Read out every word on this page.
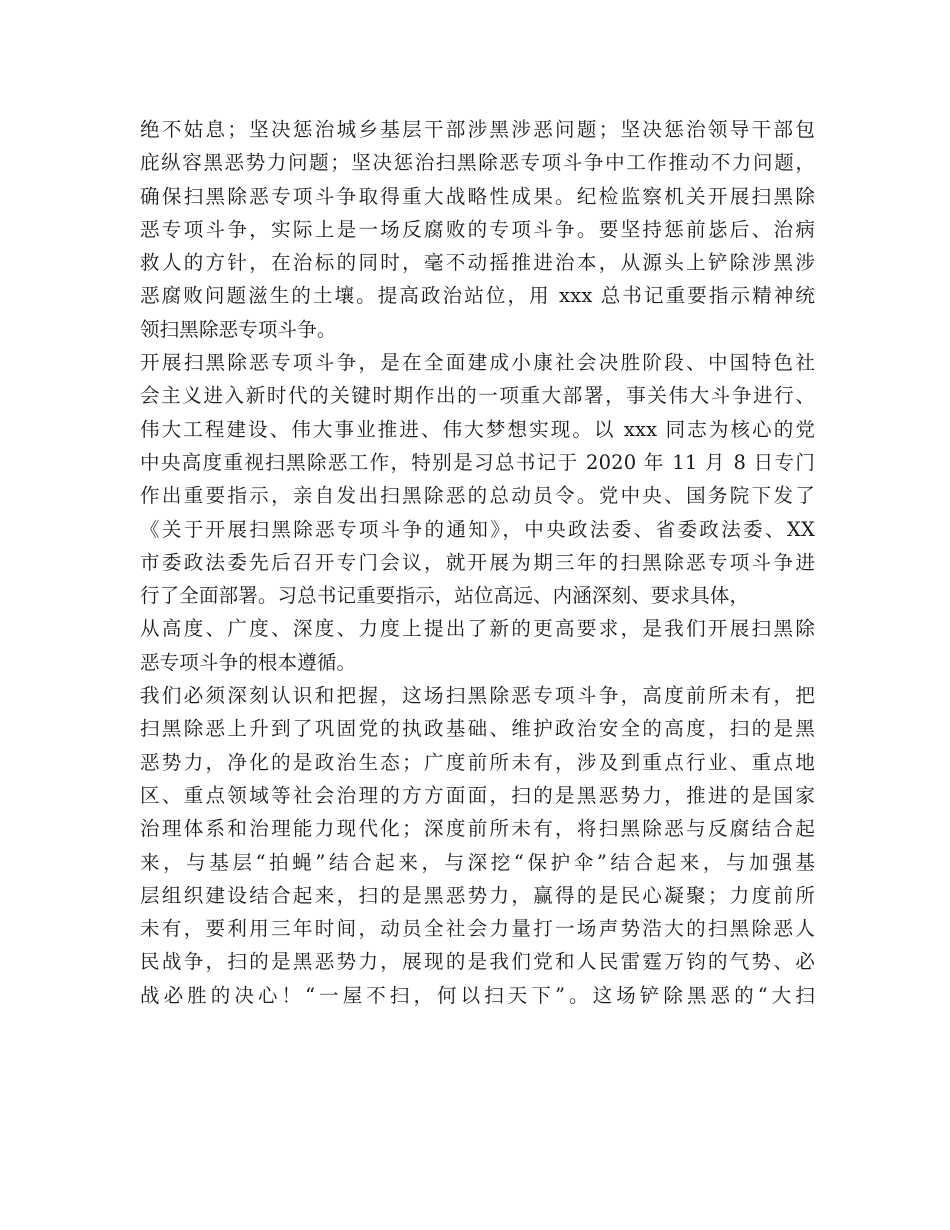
绝不姑息；坚决惩治城乡基层干部涉黑涉恶问题；坚决惩治领导干部包
庇纵容黑恶势力问题；坚决惩治扫黑除恶专项斗争中工作推动不力问题，
确保扫黑除恶专项斗争取得重大战略性成果。纪检监察机关开展扫黑除
恶专项斗争，实际上是一场反腐败的专项斗争。要坚持惩前毖后、治病
救人的方针，在治标的同时，毫不动摇推进治本，从源头上铲除涉黑涉
恶腐败问题滋生的土壤。提高政治站位，用 xxx 总书记重要指示精神统
领扫黑除恶专项斗争。
开展扫黑除恶专项斗争，是在全面建成小康社会决胜阶段、中国特色社
会主义进入新时代的关键时期作出的一项重大部署，事关伟大斗争进行、
伟大工程建设、伟大事业推进、伟大梦想实现。以 xxx 同志为核心的党
中央高度重视扫黑除恶工作，特别是习总书记于 2020 年 11 月 8 日专门
作出重要指示，亲自发出扫黑除恶的总动员令。党中央、国务院下发了
《关于开展扫黑除恶专项斗争的通知》，中央政法委、省委政法委、XX
市委政法委先后召开专门会议，就开展为期三年的扫黑除恶专项斗争进
行了全面部署。习总书记重要指示，站位高远、内涵深刻、要求具体，
从高度、广度、深度、力度上提出了新的更高要求，是我们开展扫黑除
恶专项斗争的根本遵循。
我们必须深刻认识和把握，这场扫黑除恶专项斗争，高度前所未有，把
扫黑除恶上升到了巩固党的执政基础、维护政治安全的高度，扫的是黑
恶势力，净化的是政治生态；广度前所未有，涉及到重点行业、重点地
区、重点领域等社会治理的方方面面，扫的是黑恶势力，推进的是国家
治理体系和治理能力现代化；深度前所未有，将扫黑除恶与反腐结合起
来，与基层“拍蝇”结合起来，与深挖“保护伞”结合起来，与加强基
层组织建设结合起来，扫的是黑恶势力，赢得的是民心凝聚；力度前所
未有，要利用三年时间，动员全社会力量打一场声势浩大的扫黑除恶人
民战争，扫的是黑恶势力，展现的是我们党和人民雷霆万钧的气势、必
战必胜的决心！“一屋不扫，何以扫天下”。这场铲除黑恶的“大扫
